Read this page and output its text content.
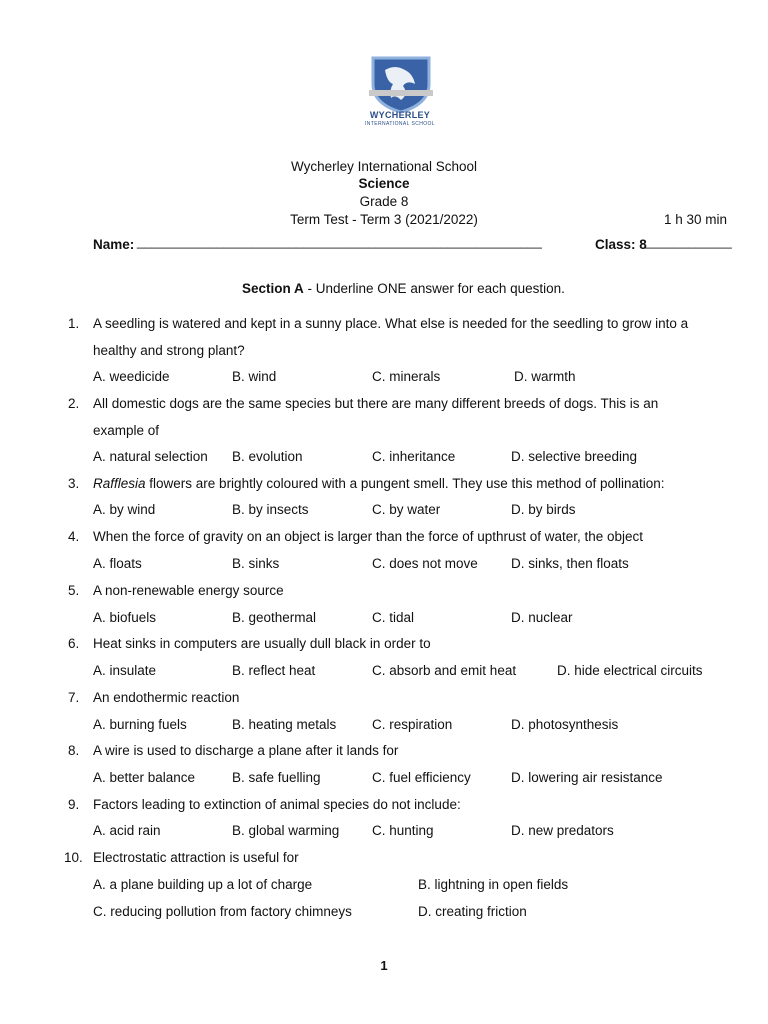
WYCHERLEY
INTERNATIONAL SCHOOL
Wycherley International School
Science
Grade 8
Term Test - Term 3 (2021/2022)	1 h 30 min
Name: ________________________________________________________	Class: 8
____________
Section A - Underline ONE answer for each question.
1. A seedling is watered and kept in a sunny place. What else is needed for the seedling to grow into a
healthy and strong plant?
A. weedicide	B. wind	C. minerals	D. warmth
2. All domestic dogs are the same species but there are many different breeds of dogs. This is an
example of
A. natural selection B. evolution	C. inheritance	D. selective breeding
3. Rafflesia flowers are brightly coloured with a pungent smell. They use this method of pollination:
A. by wind	B. by insects	C. by water	D. by birds
4. When the force of gravity on an object is larger than the force of upthrust of water, the object
A. floats	B. sinks	C. does not move D. sinks, then floats
5. A non-renewable energy source
A. biofuels	B. geothermal	C. tidal	D. nuclear
6. Heat sinks in computers are usually dull black in order to
A. insulate	B. reflect heat	C. absorb and emit heat	D. hide electrical circuits
7. An endothermic reaction
A. burning fuels	B. heating metals	C. respiration	D. photosynthesis
8. A wire is used to discharge a plane after it lands for
A. better balance	B. safe fuelling	C. fuel efficiency	D. lowering air resistance
9. Factors leading to extinction of animal species do not include:
A. acid rain	B. global warming C. hunting	D. new predators
10. Electrostatic attraction is useful for
A. a plane building up a lot of charge	B. lightning in open fields
C. reducing pollution from factory chimneys	D. creating friction
1
